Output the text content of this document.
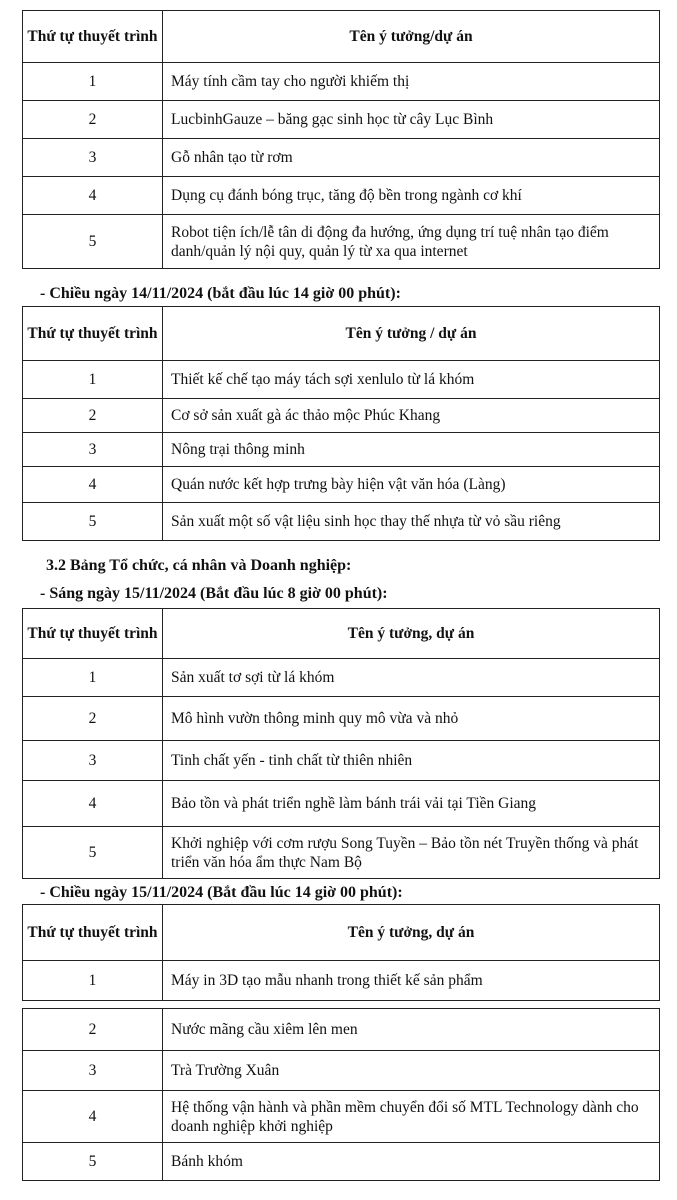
Thứ tự thuyết trình	Tên ý tưởng/dự án
1	Máy tính cầm tay cho người khiếm thị
2	LucbinhGauze – băng gạc sinh học từ cây Lục Bình
3	Gỗ nhân tạo từ rơm
4	Dụng cụ đánh bóng trục, tăng độ bền trong ngành cơ khí
5	Robot tiện ích/lễ tân di động đa hướng, ứng dụng trí tuệ nhân tạo điểm danh/quản lý nội quy, quản lý từ xa qua internet
- Chiều ngày 14/11/2024 (bắt đầu lúc 14 giờ 00 phút):
Thứ tự thuyết trình	Tên ý tưởng / dự án
1	Thiết kế chế tạo máy tách sợi xenlulo từ lá khóm
2	Cơ sở sản xuất gà ác thảo mộc Phúc Khang
3	Nông trại thông minh
4	Quán nước kết hợp trưng bày hiện vật văn hóa (Làng)
5	Sản xuất một số vật liệu sinh học thay thế nhựa từ vỏ sầu riêng
3.2 Bảng Tổ chức, cá nhân và Doanh nghiệp:
- Sáng ngày 15/11/2024 (Bắt đầu lúc 8 giờ 00 phút):
Thứ tự thuyết trình	Tên ý tưởng, dự án
1	Sản xuất tơ sợi từ lá khóm
2	Mô hình vườn thông minh quy mô vừa và nhỏ
3	Tinh chất yến - tinh chất từ thiên nhiên
4	Bảo tồn và phát triển nghề làm bánh trái vải tại Tiền Giang
5	Khởi nghiệp với cơm rượu Song Tuyền – Bảo tồn nét Truyền thống và phát triển văn hóa ẩm thực Nam Bộ
- Chiều ngày 15/11/2024 (Bắt đầu lúc 14 giờ 00 phút):
Thứ tự thuyết trình	Tên ý tưởng, dự án
1	Máy in 3D tạo mẫu nhanh trong thiết kế sản phẩm
2	Nước mãng cầu xiêm lên men
3	Trà Trường Xuân
4	Hệ thống vận hành và phần mềm chuyển đổi số MTL Technology dành cho doanh nghiệp khởi nghiệp
5	Bánh khóm
